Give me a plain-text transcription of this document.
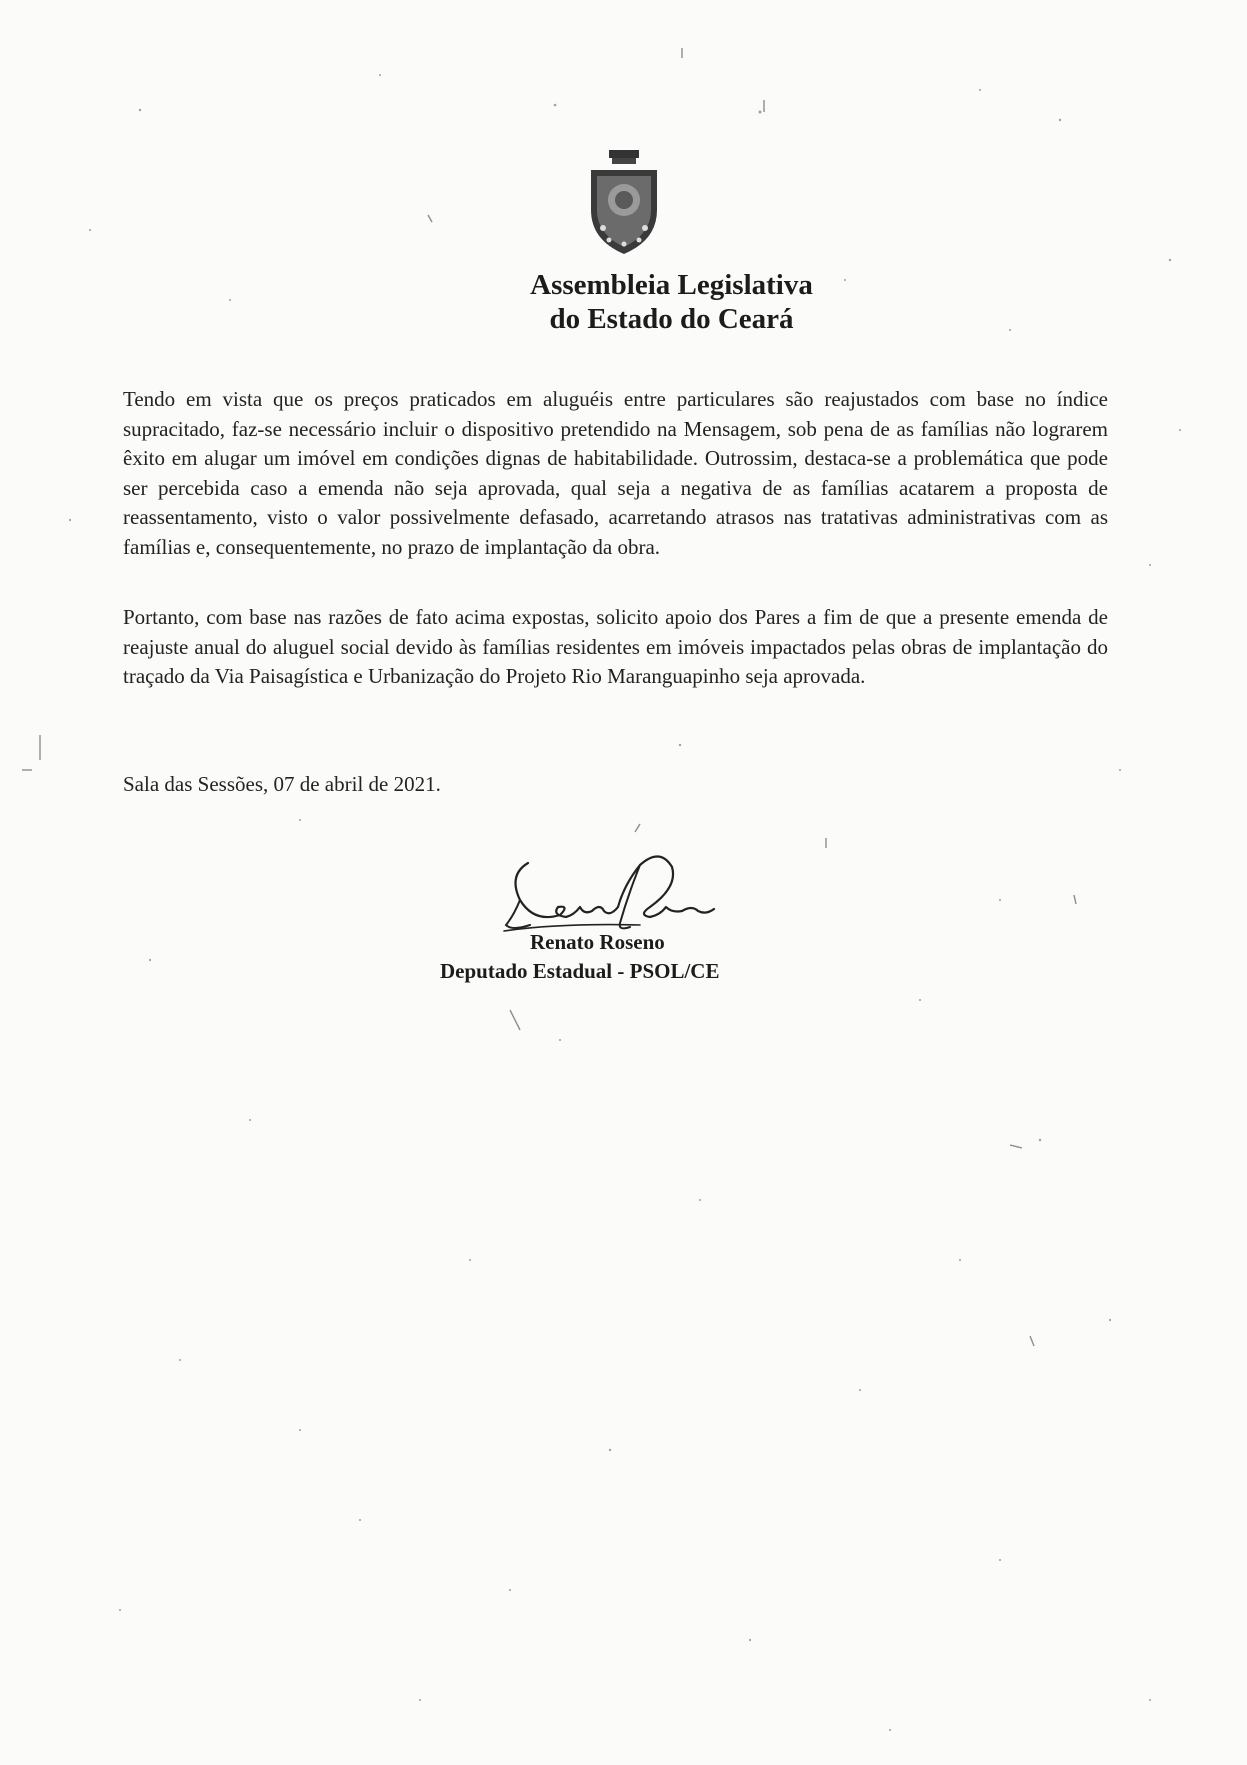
Assembleia Legislativa
do Estado do Ceará
Tendo em vista que os preços praticados em aluguéis entre particulares são reajustados com base no índice supracitado, faz-se necessário incluir o dispositivo pretendido na Mensagem, sob pena de as famílias não lograrem êxito em alugar um imóvel em condições dignas de habitabilidade. Outrossim, destaca-se a problemática que pode ser percebida caso a emenda não seja aprovada, qual seja a negativa de as famílias acatarem a proposta de reassentamento, visto o valor possivelmente defasado, acarretando atrasos nas tratativas administrativas com as famílias e, consequentemente, no prazo de implantação da obra.
Portanto, com base nas razões de fato acima expostas, solicito apoio dos Pares a fim de que a presente emenda de reajuste anual do aluguel social devido às famílias residentes em imóveis impactados pelas obras de implantação do traçado da Via Paisagística e Urbanização do Projeto Rio Maranguapinho seja aprovada.
Sala das Sessões, 07 de abril de 2021.
Renato Roseno
Deputado Estadual - PSOL/CE
